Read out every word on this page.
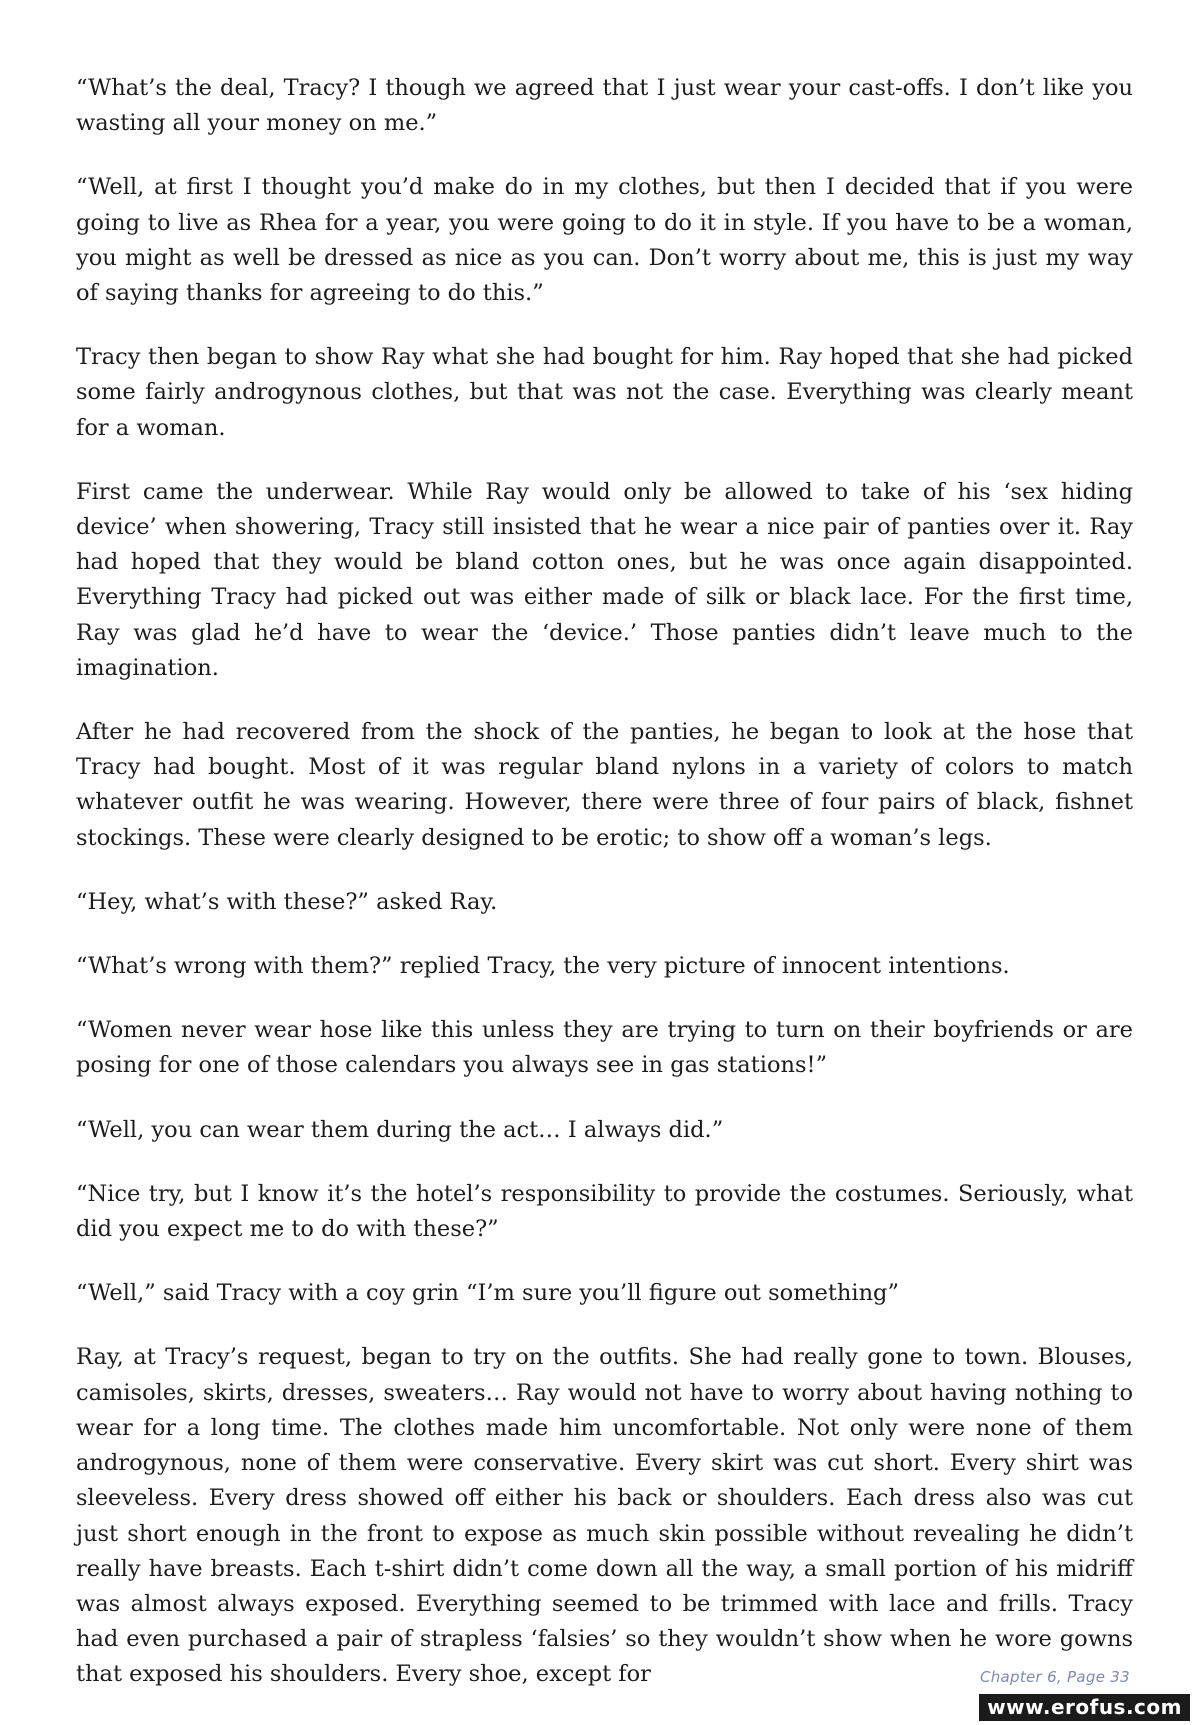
“What’s the deal, Tracy? I though we agreed that I just wear your cast-offs. I don’t like you wasting all your money on me.”

“Well, at first I thought you’d make do in my clothes, but then I decided that if you were going to live as Rhea for a year, you were going to do it in style. If you have to be a woman, you might as well be dressed as nice as you can. Don’t worry about me, this is just my way of saying thanks for agreeing to do this.”

Tracy then began to show Ray what she had bought for him. Ray hoped that she had picked some fairly androgynous clothes, but that was not the case. Everything was clearly meant for a woman.

First came the underwear. While Ray would only be allowed to take of his ‘sex hiding device’ when showering, Tracy still insisted that he wear a nice pair of panties over it. Ray had hoped that they would be bland cotton ones, but he was once again disappointed. Everything Tracy had picked out was either made of silk or black lace. For the first time, Ray was glad he’d have to wear the ‘device.’ Those panties didn’t leave much to the imagination.

After he had recovered from the shock of the panties, he began to look at the hose that Tracy had bought. Most of it was regular bland nylons in a variety of colors to match whatever outfit he was wearing. However, there were three of four pairs of black, fishnet stockings. These were clearly designed to be erotic; to show off a woman’s legs.

“Hey, what’s with these?” asked Ray.

“What’s wrong with them?” replied Tracy, the very picture of innocent intentions.

“Women never wear hose like this unless they are trying to turn on their boyfriends or are posing for one of those calendars you always see in gas stations!”

“Well, you can wear them during the act… I always did.”

“Nice try, but I know it’s the hotel’s responsibility to provide the costumes. Seriously, what did you expect me to do with these?”

“Well,” said Tracy with a coy grin “I’m sure you’ll figure out something”

Ray, at Tracy’s request, began to try on the outfits. She had really gone to town. Blouses, camisoles, skirts, dresses, sweaters… Ray would not have to worry about having nothing to wear for a long time. The clothes made him uncomfortable. Not only were none of them androgynous, none of them were conservative. Every skirt was cut short. Every shirt was sleeveless. Every dress showed off either his back or shoulders. Each dress also was cut just short enough in the front to expose as much skin possible without revealing he didn’t really have breasts. Each t-shirt didn’t come down all the way, a small portion of his midriff was almost always exposed. Everything seemed to be trimmed with lace and frills. Tracy had even purchased a pair of strapless ‘falsies’ so they wouldn’t show when he wore gowns that exposed his shoulders. Every shoe, except for	Chapter 6, Page 33
www.erofus.com
